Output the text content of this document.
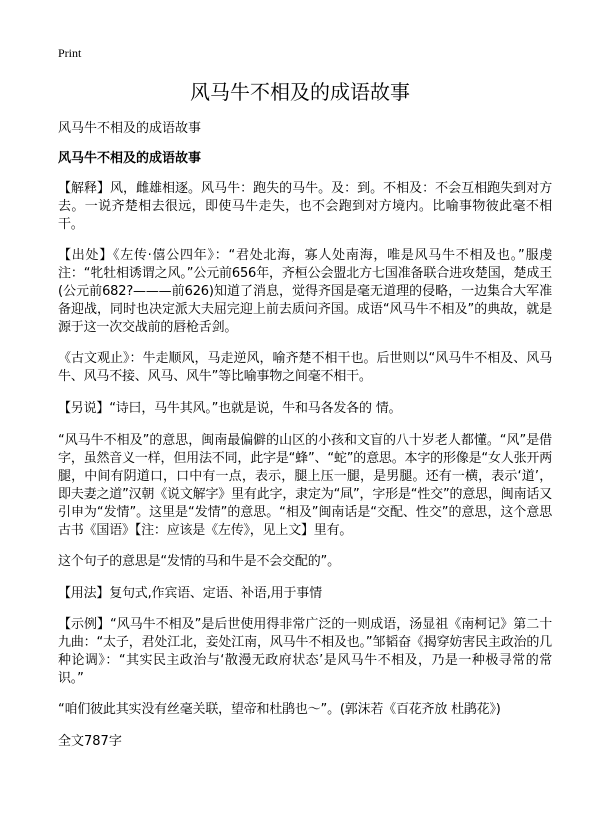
Print
风马牛不相及的成语故事
风马牛不相及的成语故事
风马牛不相及的成语故事

【解释】风，雌雄相逐。风马牛：跑失的马牛。及：到。不相及：不会互相跑失到对方去。一说齐楚相去很远，即使马牛走失，也不会跑到对方境内。比喻事物彼此毫不相干。

【出处】《左传·僖公四年》：“君处北海，寡人处南海，唯是风马牛不相及也。”服虔注：“牝牡相诱谓之风。”公元前656年，齐桓公会盟北方七国准备联合进攻楚国，楚成王(公元前682?———前626)知道了消息，觉得齐国是毫无道理的侵略，一边集合大军准备迎战，同时也决定派大夫屈完迎上前去质问齐国。成语“风马牛不相及”的典故，就是源于这一次交战前的唇枪舌剑。

《古文观止》：牛走顺风，马走逆风，喻齐楚不相干也。后世则以“风马牛不相及、风马牛、风马不接、风马、风牛”等比喻事物之间毫不相干。

【另说】“诗曰，马牛其风。”也就是说，牛和马各发各的 情。

“风马牛不相及”的意思，闽南最偏僻的山区的小孩和文盲的八十岁老人都懂。“风”是借字，虽然音义一样，但用法不同，此字是“蜂”、“蛇”的意思。本字的形像是“女人张开两腿，中间有阴道口，口中有一点，表示，腿上压一腿，是男腿。还有一横，表示‘道’，即夫妻之道”汉朝《说文解字》里有此字，隶定为“凬”，字形是“性交”的意思，闽南话又引申为“发情”。这里是“发情”的意思。“相及”闽南话是“交配、性交”的意思，这个意思古书《国语》【注：应该是《左传》，见上文】里有。

这个句子的意思是“发情的马和牛是不会交配的”。

【用法】复句式,作宾语、定语、补语,用于事情

【示例】“风马牛不相及”是后世使用得非常广泛的一则成语，汤显祖《南柯记》第二十九曲：“太子，君处江北，妾处江南，风马牛不相及也。”邹韬奋《揭穿妨害民主政治的几种论调》：“其实民主政治与‘散漫无政府状态’是风马牛不相及，乃是一种极寻常的常识。”

“咱们彼此其实没有丝毫关联，望帝和杜鹃也～”。(郭沫若《百花齐放 杜鹃花》)

全文787字
